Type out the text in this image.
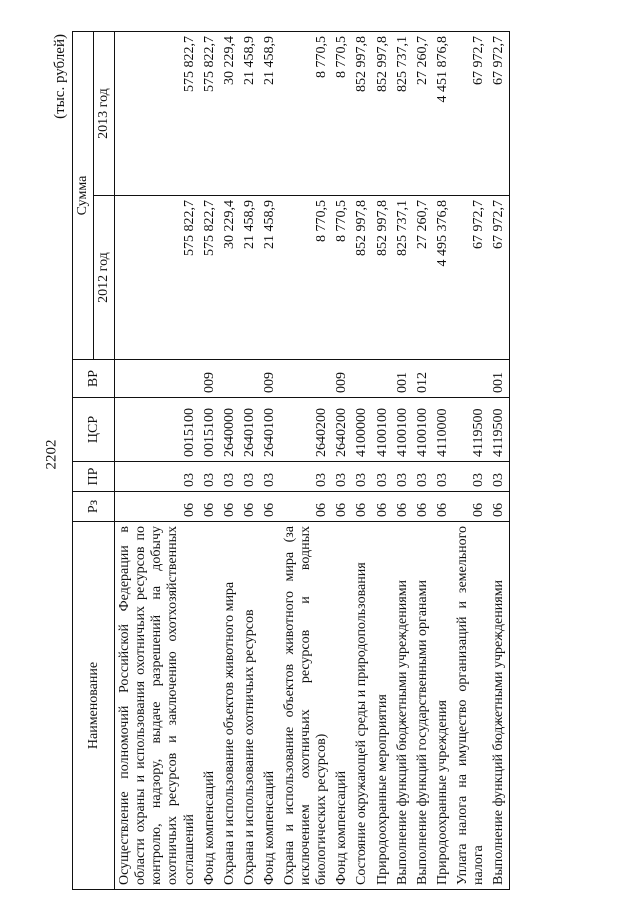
2202
(тыс. рублей)
Наименование	Рз	ПР	ЦСР	ВР	Сумма	
					2012 год	2013 год
Осуществление полномочий Российской Федерации в области охраны и использования охотничьих ресурсов по контролю, надзору, выдаче разрешений на добычу охотничьих ресурсов и заключению охотхозяйственных соглашений	06	03	0015100		575 822,7	575 822,7
Фонд компенсаций	06	03	0015100	009	575 822,7	575 822,7
Охрана и использование объектов животного мира	06	03	2640000		30 229,4	30 229,4
Охрана и использование охотничьих ресурсов	06	03	2640100		21 458,9	21 458,9
Фонд компенсаций	06	03	2640100	009	21 458,9	21 458,9
Охрана и использование объектов животного мира (за исключением охотничьих ресурсов и водных биологических ресурсов)	06	03	2640200		8 770,5	8 770,5
Фонд компенсаций	06	03	2640200	009	8 770,5	8 770,5
Состояние окружающей среды и природопользования	06	03	4100000		852 997,8	852 997,8
Природоохранные мероприятия	06	03	4100100		852 997,8	852 997,8
Выполнение функций бюджетными учреждениями	06	03	4100100	001	825 737,1	825 737,1
Выполнение функций государственными органами	06	03	4100100	012	27 260,7	27 260,7
Природоохранные учреждения	06	03	4110000		4 495 376,8	4 451 876,8
Уплата налога на имущество организаций и земельного налога	06	03	4119500		67 972,7	67 972,7
Выполнение функций бюджетными учреждениями	06	03	4119500	001	67 972,7	67 972,7
